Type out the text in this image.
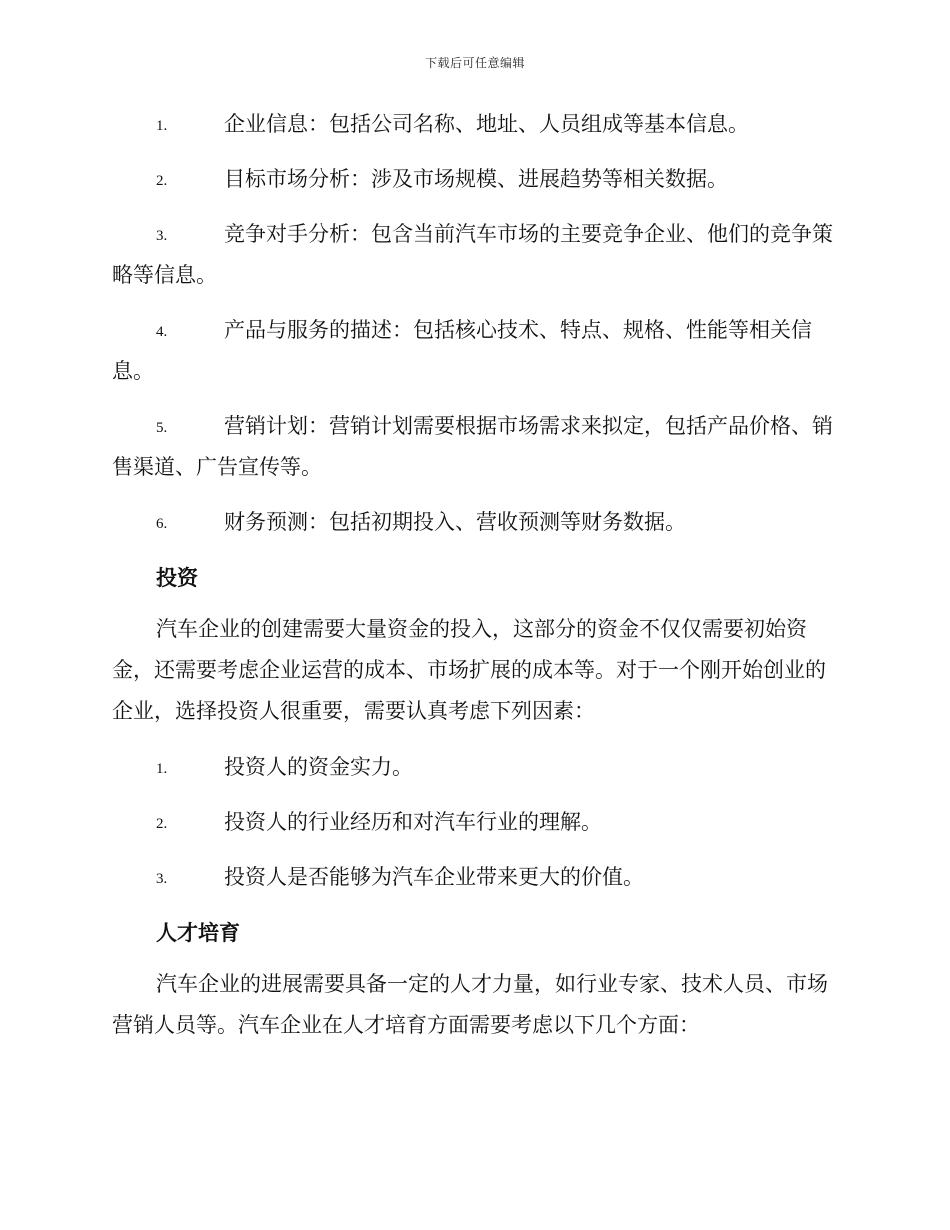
下载后可任意编辑
1.	企业信息：包括公司名称、地址、人员组成等基本信息。
2.	目标市场分析：涉及市场规模、进展趋势等相关数据。
3.	竞争对手分析：包含当前汽车市场的主要竞争企业、他们的竞争策略等信息。
4.	产品与服务的描述：包括核心技术、特点、规格、性能等相关信息。
5.	营销计划：营销计划需要根据市场需求来拟定，包括产品价格、销售渠道、广告宣传等。
6.	财务预测：包括初期投入、营收预测等财务数据。
投资
汽车企业的创建需要大量资金的投入，这部分的资金不仅仅需要初始资金，还需要考虑企业运营的成本、市场扩展的成本等。对于一个刚开始创业的企业，选择投资人很重要，需要认真考虑下列因素：
1.	投资人的资金实力。
2.	投资人的行业经历和对汽车行业的理解。
3.	投资人是否能够为汽车企业带来更大的价值。
人才培育
汽车企业的进展需要具备一定的人才力量，如行业专家、技术人员、市场营销人员等。汽车企业在人才培育方面需要考虑以下几个方面：
